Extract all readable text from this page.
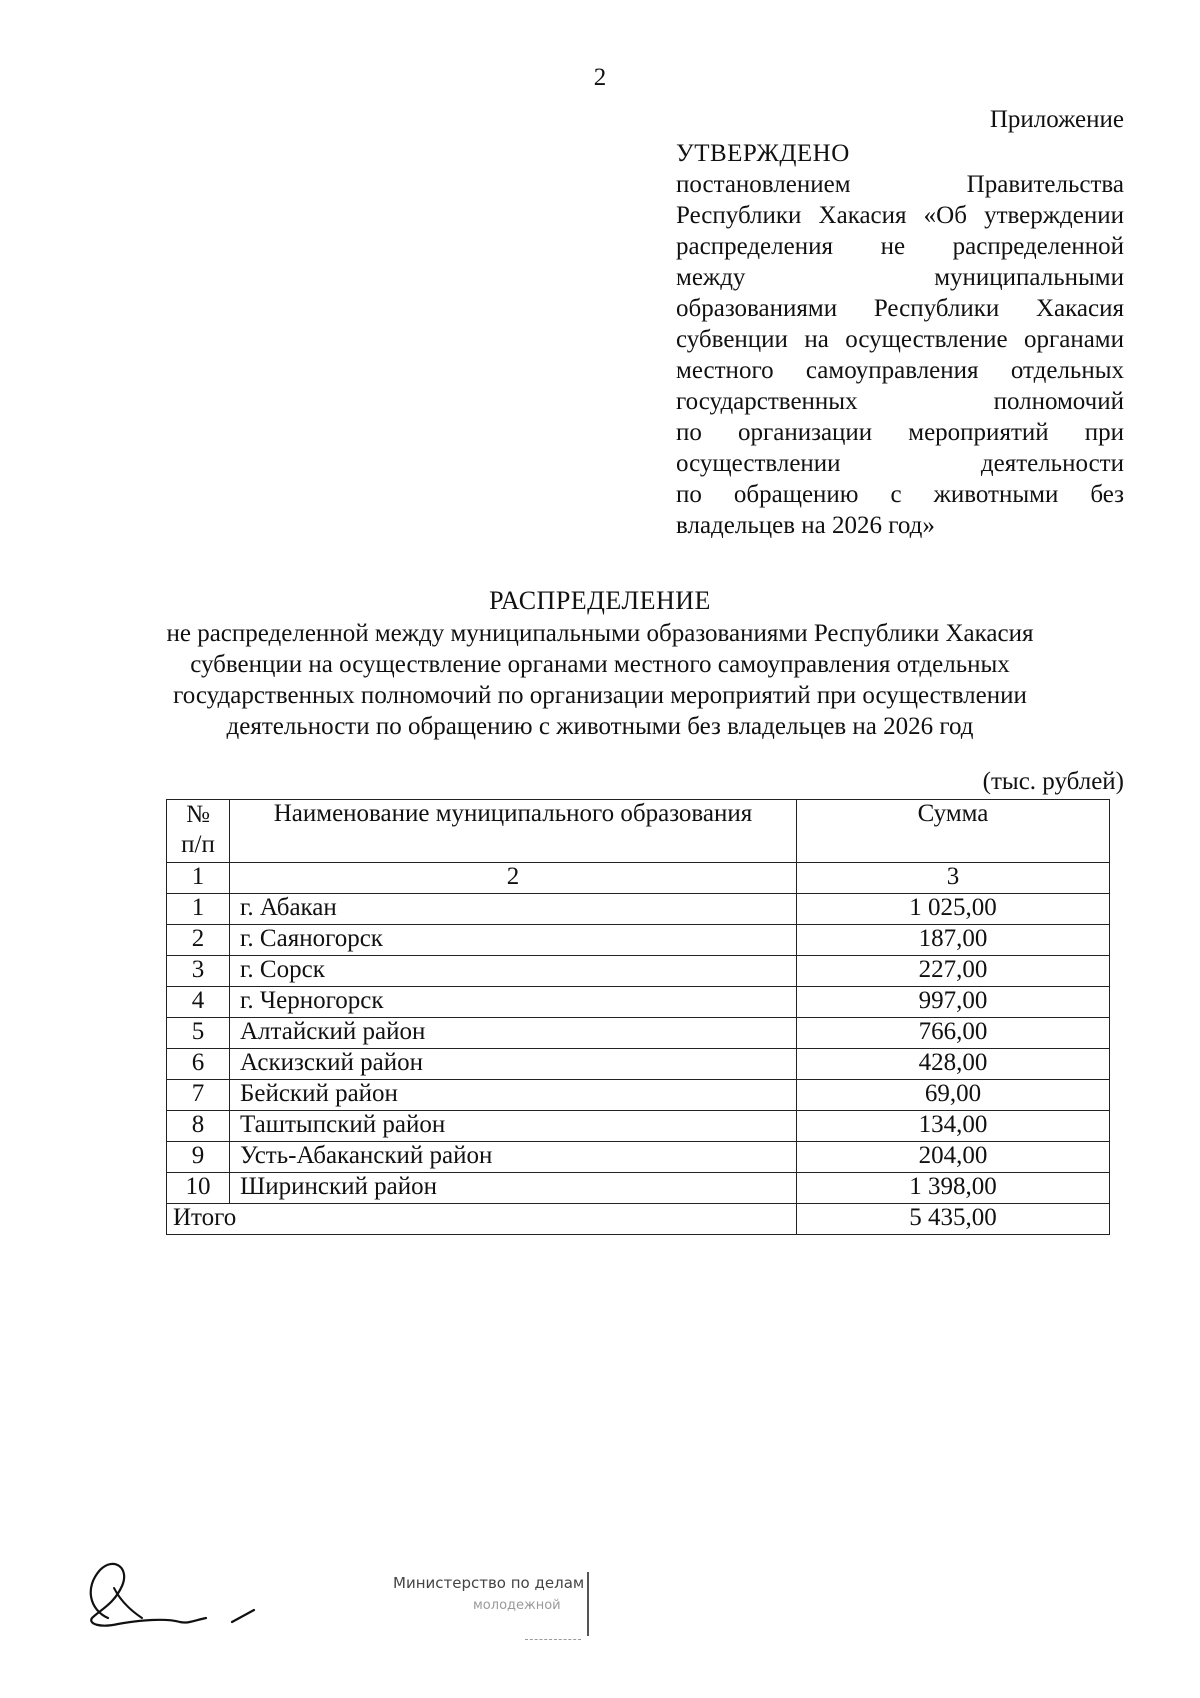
2
Приложение
УТВЕРЖДЕНО
постановлением	Правительства
Республики Хакасия «Об утверждении
распределения не распределенной
между	муниципальными
образованиями Республики Хакасия
субвенции на осуществление органами
местного самоуправления отдельных
государственных	полномочий
по организации мероприятий при
осуществлении	деятельности
по обращению с животными без
владельцев на 2026 год»
РАСПРЕДЕЛЕНИЕ
не распределенной между муниципальными образованиями Республики Хакасия
субвенции на осуществление органами местного самоуправления отдельных
государственных полномочий по организации мероприятий при осуществлении
деятельности по обращению с животными без владельцев на 2026 год
(тыс. рублей)
№
п/п	Наименование муниципального образования	Сумма
1	2	3
1	г. Абакан	1 025,00
2	г. Саяногорск	187,00
3	г. Сорск	227,00
4	г. Черногорск	997,00
5	Алтайский район	766,00
6	Аскизский район	428,00
7	Бейский район	69,00
8	Таштыпский район	134,00
9	Усть-Абаканский район	204,00
10	Ширинский район	1 398,00
Итого		5 435,00
Министерство по делам
молодежной
